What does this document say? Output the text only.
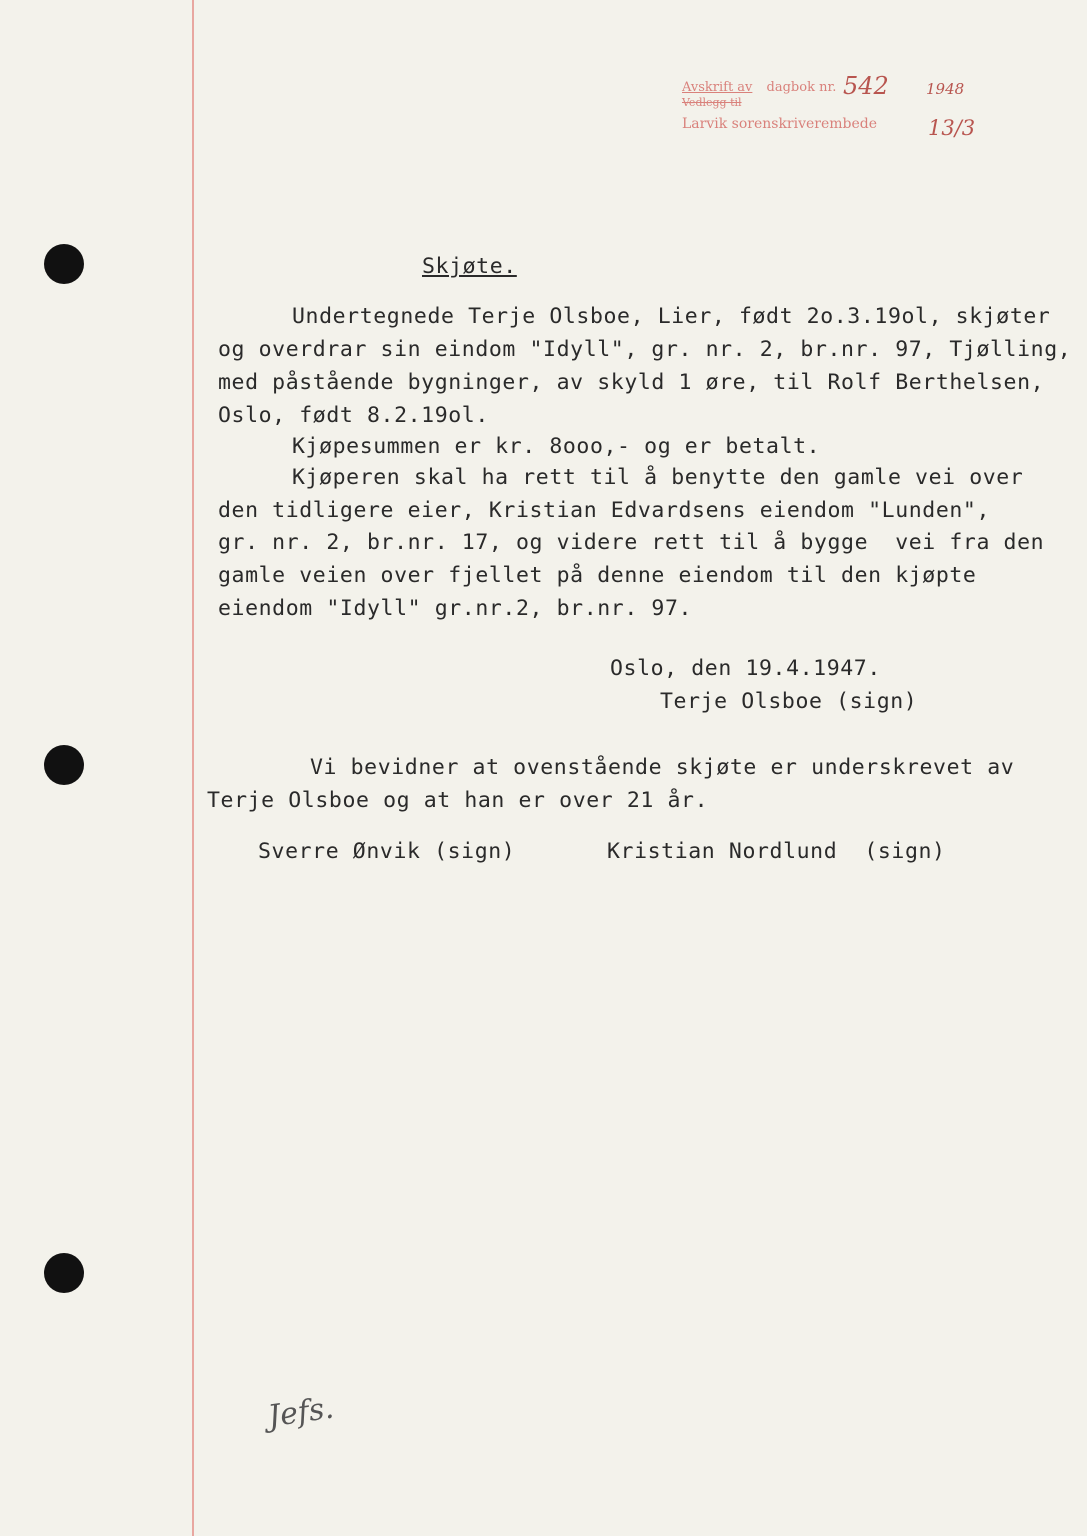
Avskrift av dagbok nr.
Vedlegg til
Larvik sorenskriverembede
542 1948
13/3
Skjøte.
Undertegnede Terje Olsboe, Lier, født 2o.3.19ol, skjøter
og overdrar sin eindom "Idyll", gr. nr. 2, br.nr. 97, Tjølling,
med påstående bygninger, av skyld 1 øre, til Rolf Berthelsen,
Oslo, født 8.2.19ol.
Kjøpesummen er kr. 8ooo,- og er betalt.
Kjøperen skal ha rett til å benytte den gamle vei over
den tidligere eier, Kristian Edvardsens eiendom "Lunden",
gr. nr. 2, br.nr. 17, og videre rett til å bygge  vei fra den
gamle veien over fjellet på denne eiendom til den kjøpte
eiendom "Idyll" gr.nr.2, br.nr. 97.
Oslo, den 19.4.1947.
Terje Olsboe (sign)
Vi bevidner at ovenstående skjøte er underskrevet av
Terje Olsboe og at han er over 21 år.
Sverre Ønvik (sign)	Kristian Nordlund  (sign)
Jefs.
